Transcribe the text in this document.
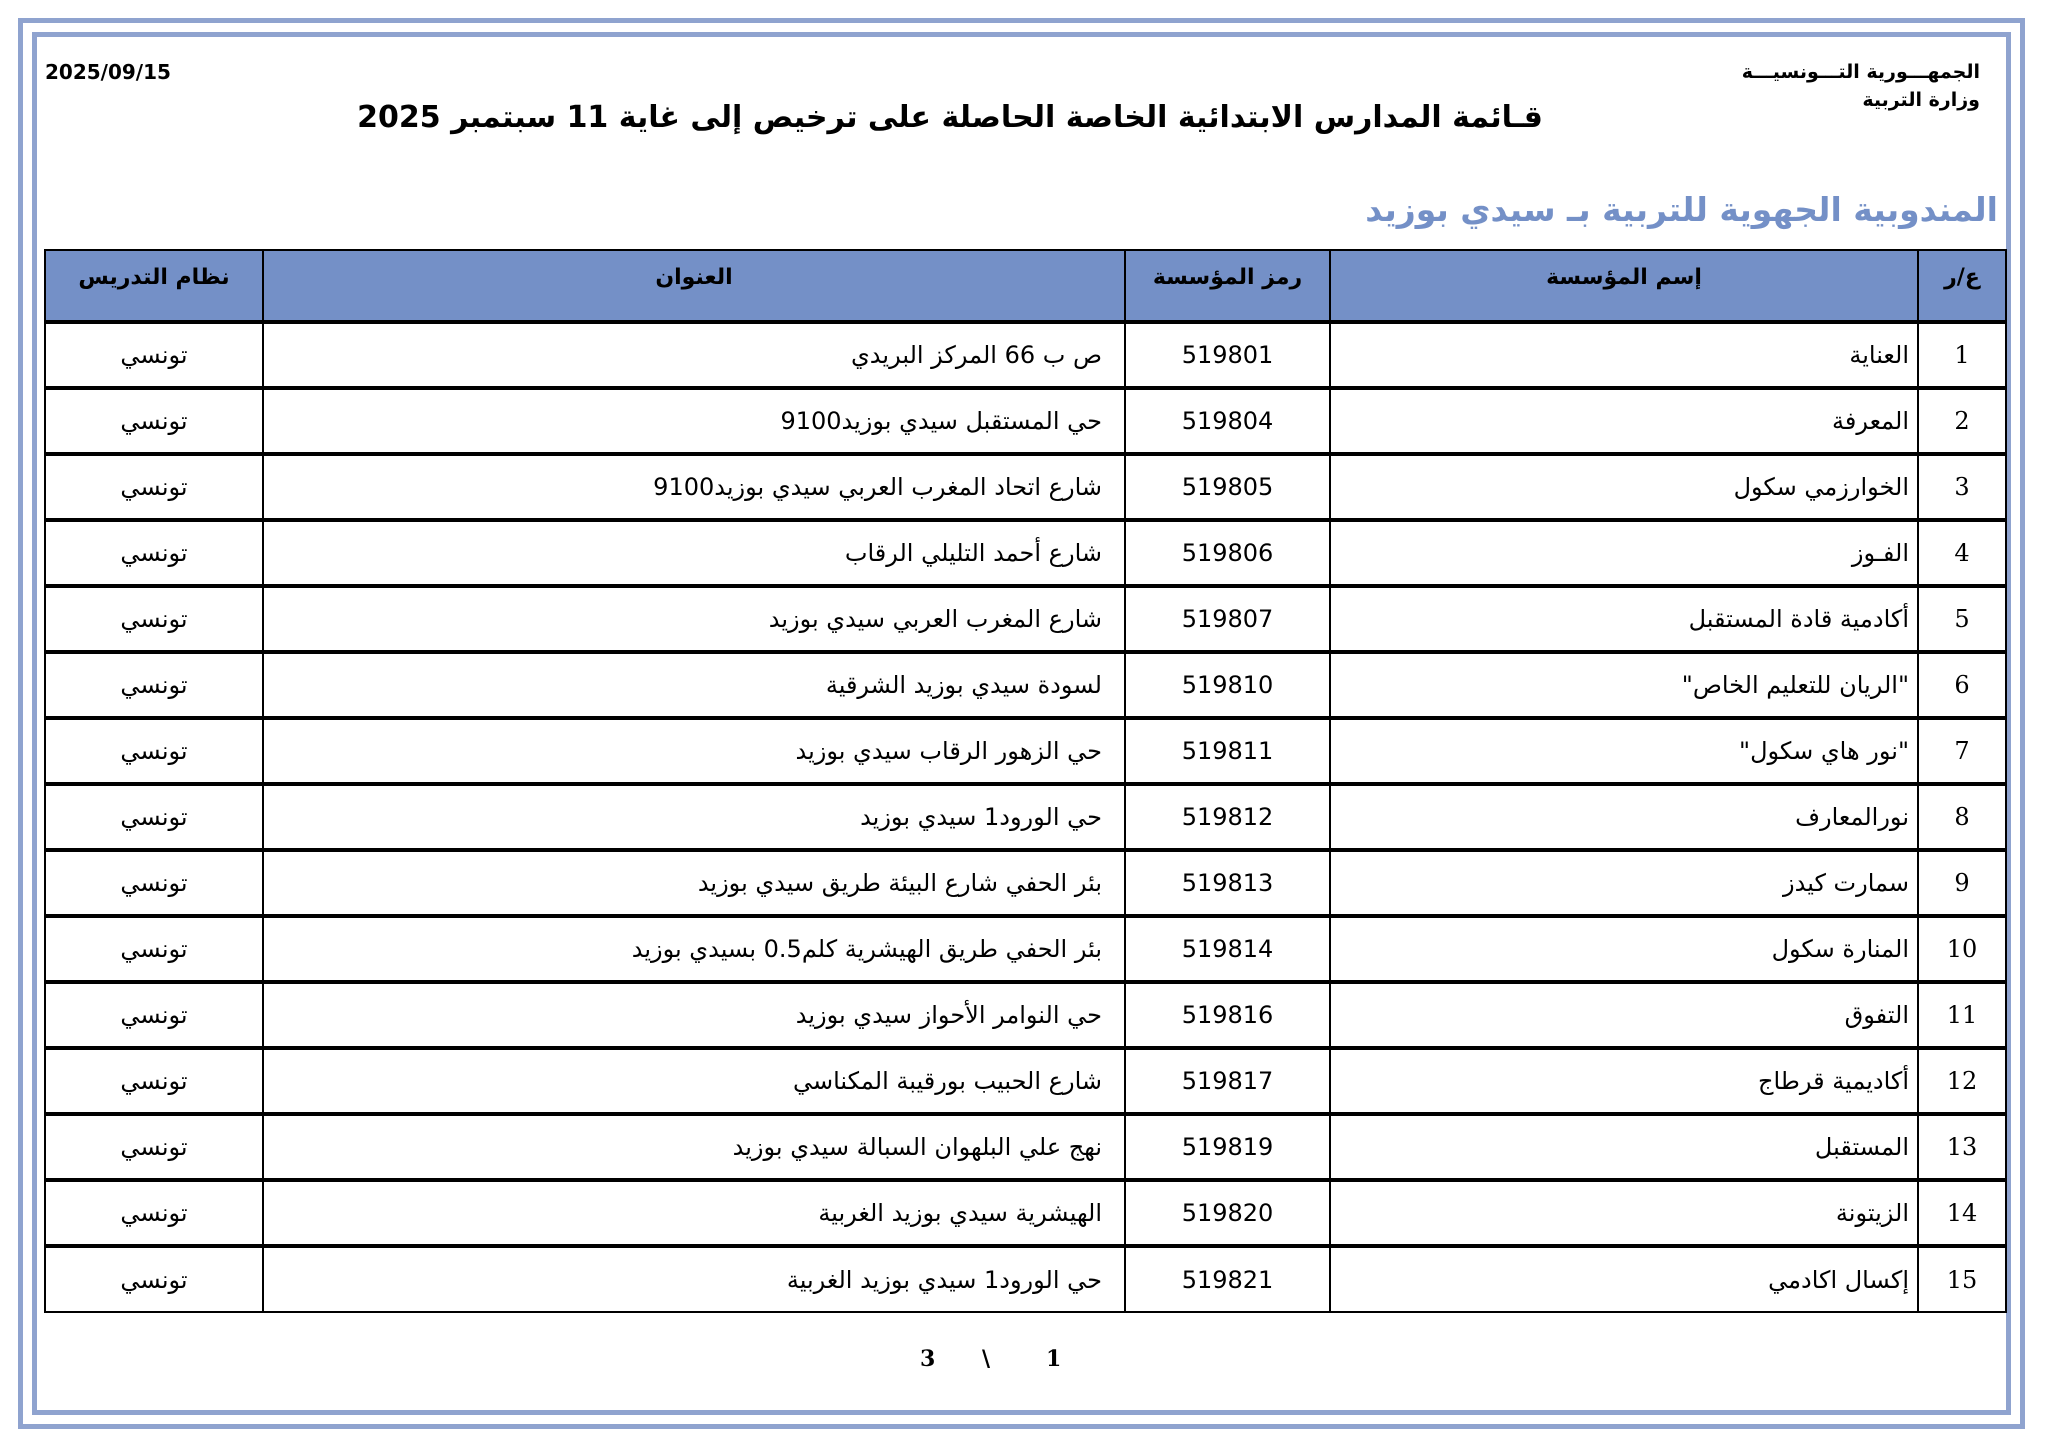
2025/09/15	الجمهـــورية التـــونسيـــة
وزارة التربية
قـائمة المدارس الابتدائية الخاصة الحاصلة على ترخيص إلى غاية 11 سبتمبر 2025
المندوبية الجهوية للتربية بـ سيدي بوزيد
ع/ر	إسم المؤسسة	رمز المؤسسة	العنوان	نظام التدريس
1	العناية	519801	ص ب 66 المركز البريدي	تونسي
2	المعرفة	519804	حي المستقبل سيدي بوزيد9100	تونسي
3	الخوارزمي سكول	519805	شارع اتحاد المغرب العربي سيدي بوزيد9100	تونسي
4	الفـوز	519806	شارع أحمد التليلي الرقاب	تونسي
5	أكادمية قادة المستقبل	519807	شارع المغرب العربي سيدي بوزيد	تونسي
6	"الريان للتعليم الخاص"	519810	لسودة سيدي بوزيد الشرقية	تونسي
7	"نور هاي سكول"	519811	حي الزهور الرقاب سيدي بوزيد	تونسي
8	نورالمعارف	519812	حي الورود1 سيدي بوزيد	تونسي
9	سمارت كيدز	519813	بئر الحفي شارع البيئة طريق سيدي بوزيد	تونسي
10	المنارة سكول	519814	بئر الحفي طريق الهيشرية كلم0.5 بسيدي بوزيد	تونسي
11	التفوق	519816	حي النوامر الأحواز سيدي بوزيد	تونسي
12	أكاديمية قرطاج	519817	شارع الحبيب بورقيبة المكناسي	تونسي
13	المستقبل	519819	نهج علي البلهوان السبالة سيدي بوزيد	تونسي
14	الزيتونة	519820	الهيشرية سيدي بوزيد الغربية	تونسي
15	إكسال اكادمي	519821	حي الورود1 سيدي بوزيد الغربية	تونسي
1
\
3
